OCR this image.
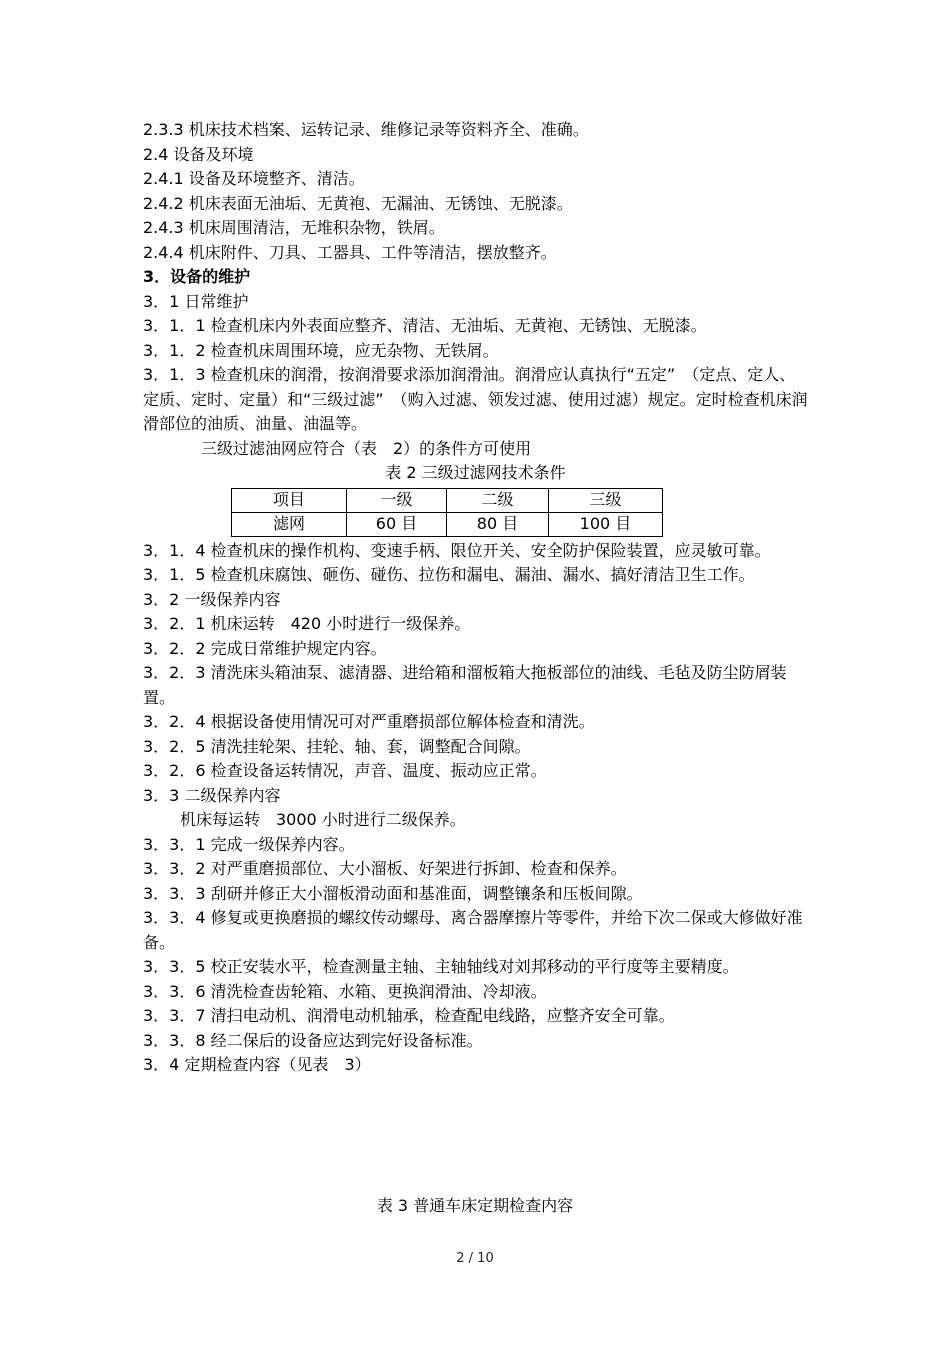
2.3.3 机床技术档案、运转记录、维修记录等资料齐全、准确。

2.4 设备及环境

2.4.1 设备及环境整齐、清洁。

2.4.2 机床表面无油垢、无黄袍、无漏油、无锈蚀、无脱漆。

2.4.3 机床周围清洁，无堆积杂物，铁屑。

2.4.4 机床附件、刀具、工器具、工件等清洁，摆放整齐。

3．设备的维护

3．1 日常维护

3．1．1 检查机床内外表面应整齐、清洁、无油垢、无黄袍、无锈蚀、无脱漆。

3．1．2 检查机床周围环境，应无杂物、无铁屑。

3．1．3 检查机床的润滑，按润滑要求添加润滑油。润滑应认真执行“五定”　（定点、定人、定质、定时、定量）和“三级过滤”　（购入过滤、领发过滤、使用过滤）规定。定时检查机床润滑部位的油质、油量、油温等。

三级过滤油网应符合（表　2）的条件方可使用

表 2 三级过滤网技术条件

项目	一级	二级	三级
滤网	60 目	80 目	100 目

3．1．4 检查机床的操作机构、变速手柄、限位开关、安全防护保险装置，应灵敏可靠。

3．1．5 检查机床腐蚀、砸伤、碰伤、拉伤和漏电、漏油、漏水、搞好清洁卫生工作。

3．2 一级保养内容

3．2．1 机床运转　420 小时进行一级保养。

3．2．2 完成日常维护规定内容。

3．2．3 清洗床头箱油泵、滤清器、进给箱和溜板箱大拖板部位的油线、毛毡及防尘防屑装置。

3．2．4 根据设备使用情况可对严重磨损部位解体检查和清洗。

3．2．5 清洗挂轮架、挂轮、轴、套，调整配合间隙。

3．2．6 检查设备运转情况，声音、温度、振动应正常。

3．3 二级保养内容

机床每运转　3000 小时进行二级保养。

3．3．1 完成一级保养内容。

3．3．2 对严重磨损部位、大小溜板、好架进行拆卸、检查和保养。

3．3．3 刮研并修正大小溜板滑动面和基准面，调整镶条和压板间隙。

3．3．4 修复或更换磨损的螺纹传动螺母、离合器摩擦片等零件，并给下次二保或大修做好准备。

3．3．5 校正安装水平，检查测量主轴、主轴轴线对刘邦移动的平行度等主要精度。

3．3．6 清洗检查齿轮箱、水箱、更换润滑油、冷却液。

3．3．7 清扫电动机、润滑电动机轴承，检查配电线路，应整齐安全可靠。

3．3．8 经二保后的设备应达到完好设备标准。

3．4 定期检查内容（见表　3）

表 3 普通车床定期检查内容
2 / 10
